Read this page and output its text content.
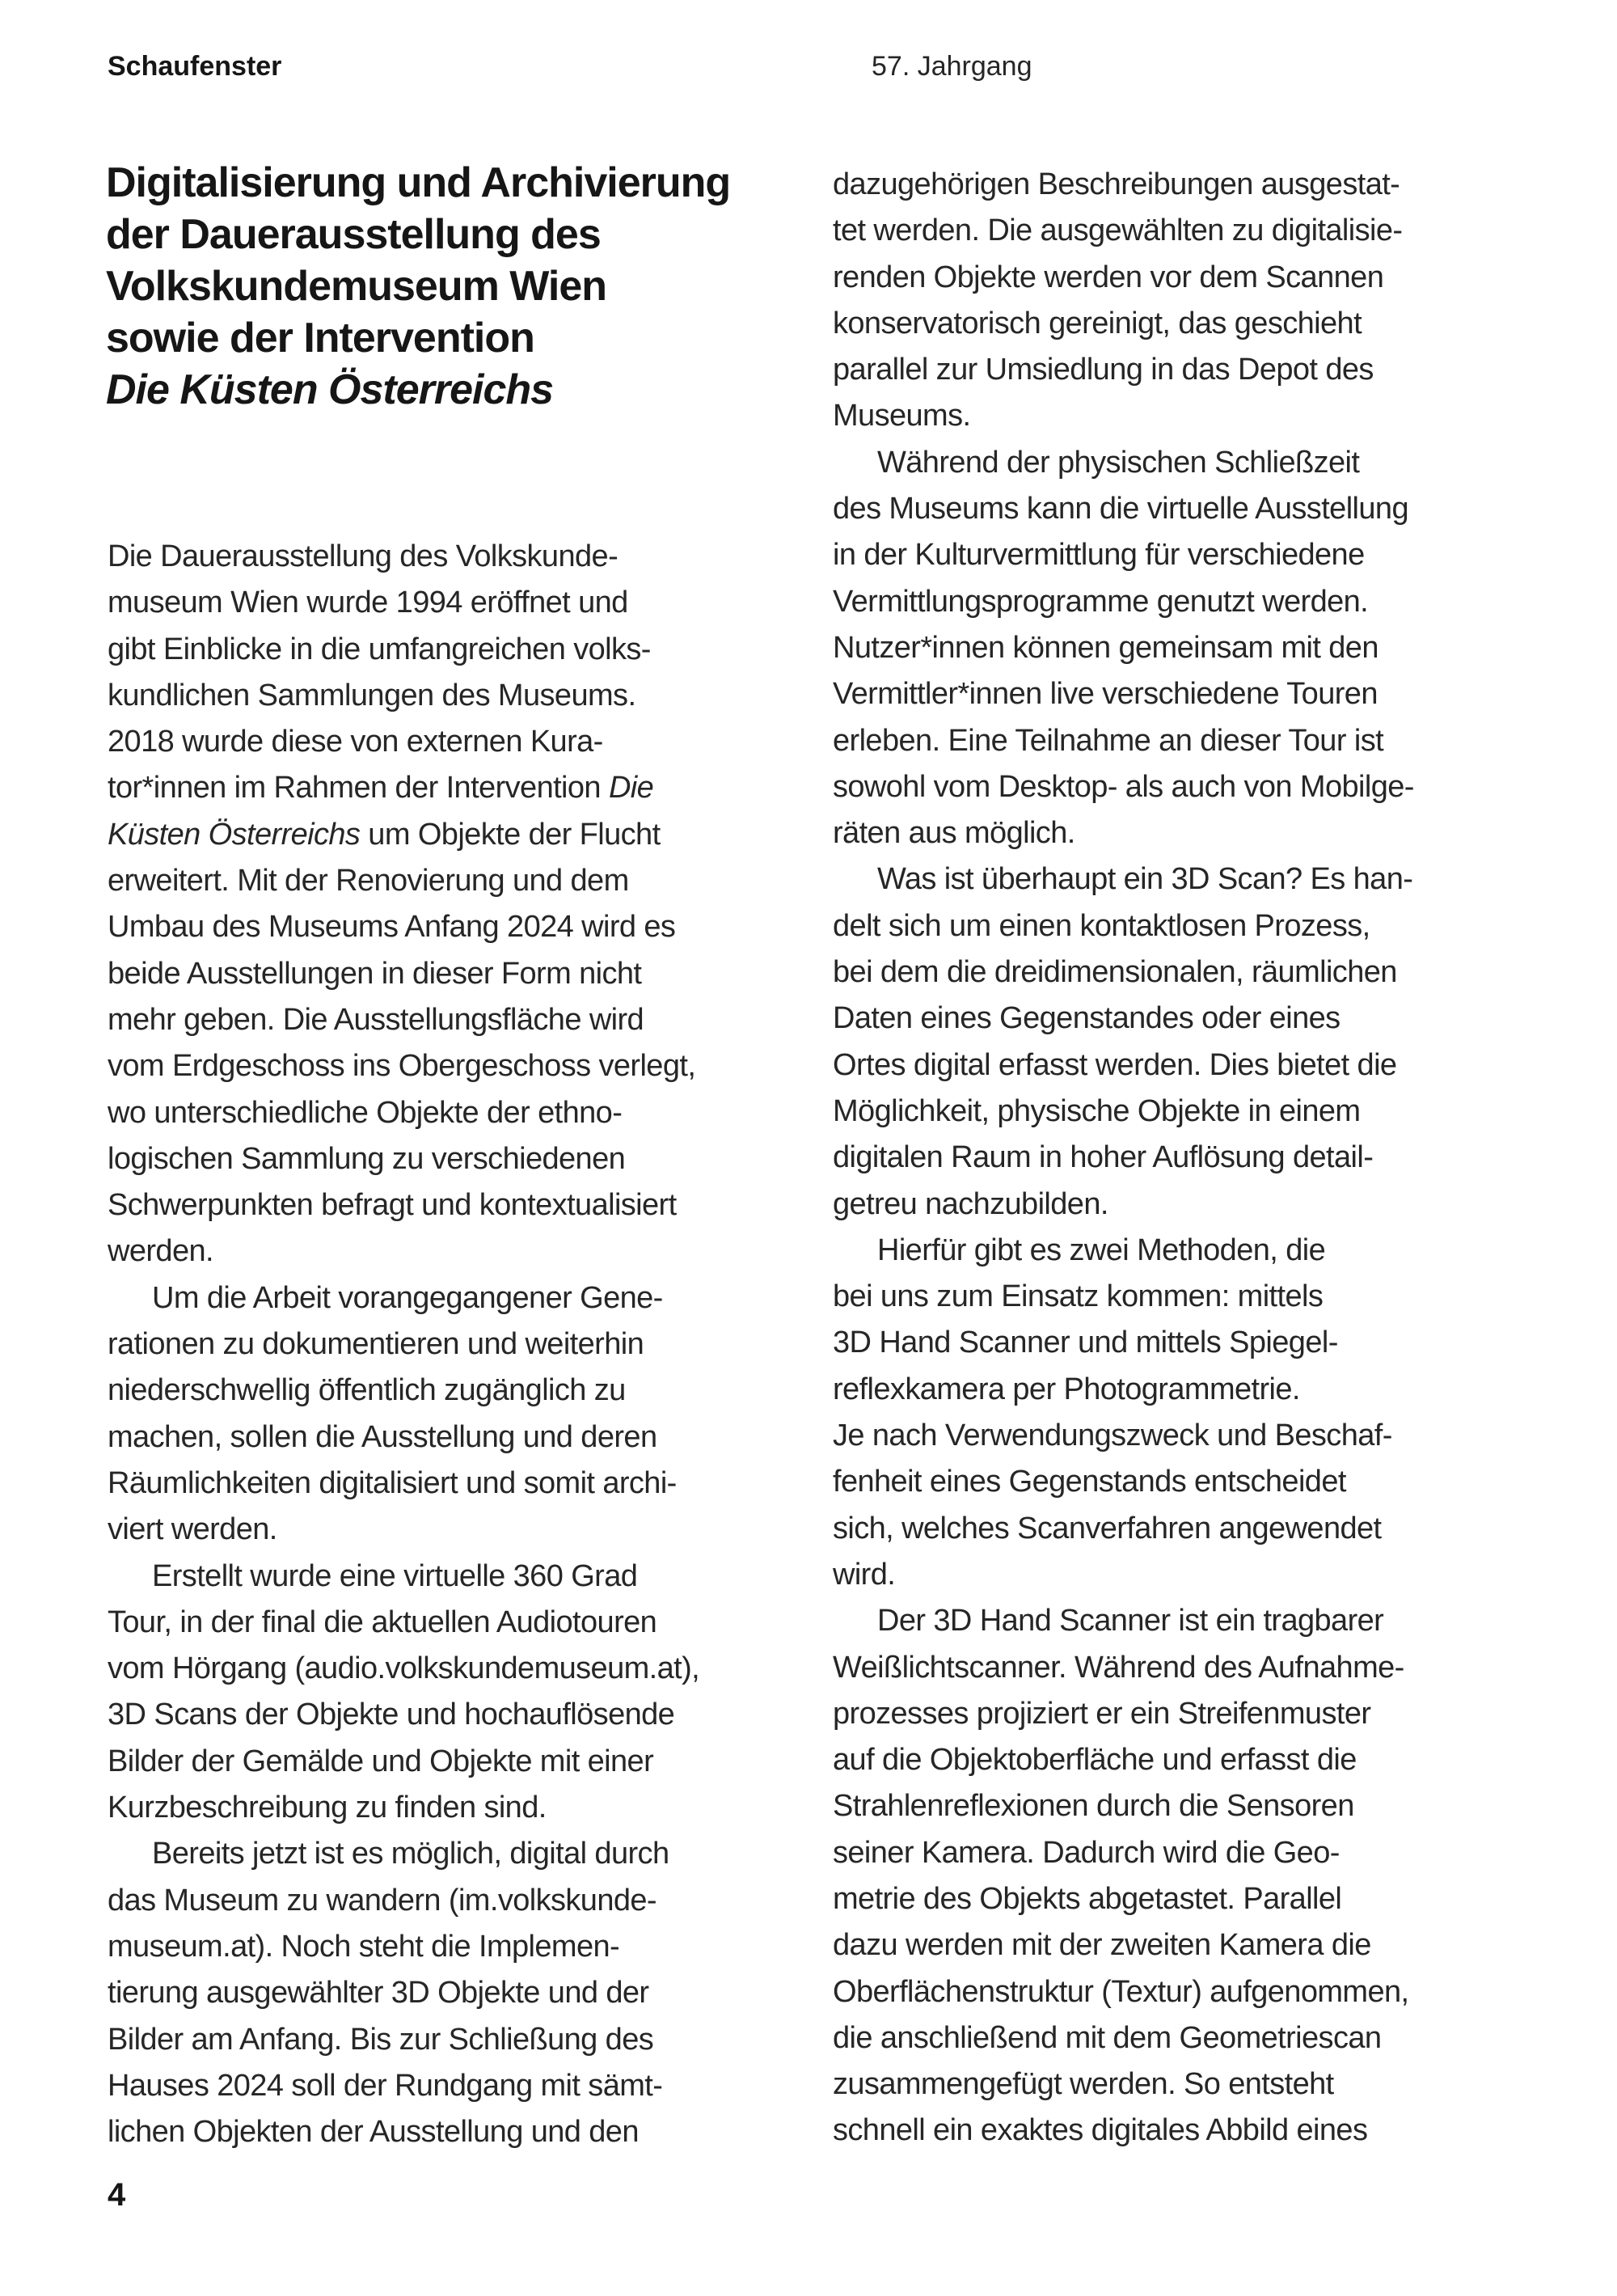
Schaufenster	57. Jahrgang
Digitalisierung und Archivierung
der Dauerausstellung des
Volkskundemuseum Wien
sowie der Intervention
Die Küsten Österreichs
Die Dauerausstellung des Volkskunde-
museum Wien wurde 1994 eröffnet und
gibt Einblicke in die umfangreichen volks-
kundlichen Sammlungen des Museums.
2018 wurde diese von externen Kura-
tor*innen im Rahmen der Intervention Die
Küsten Österreichs um Objekte der Flucht
erweitert. Mit der Renovierung und dem
Umbau des Museums Anfang 2024 wird es
beide Ausstellungen in dieser Form nicht
mehr geben. Die Ausstellungsfläche wird
vom Erdgeschoss ins Obergeschoss verlegt,
wo unterschiedliche Objekte der ethno-
logischen Sammlung zu verschiedenen
Schwerpunkten befragt und kontextualisiert
werden.
Um die Arbeit vorangegangener Gene-
rationen zu dokumentieren und weiterhin
niederschwellig öffentlich zugänglich zu
machen, sollen die Ausstellung und deren
Räumlichkeiten digitalisiert und somit archi-
viert werden.
Erstellt wurde eine virtuelle 360 Grad
Tour, in der final die aktuellen Audiotouren
vom Hörgang (audio.volkskundemuseum.at),
3D Scans der Objekte und hochauflösende
Bilder der Gemälde und Objekte mit einer
Kurzbeschreibung zu finden sind.
Bereits jetzt ist es möglich, digital durch
das Museum zu wandern (im.volkskunde-
museum.at). Noch steht die Implemen-
tierung ausgewählter 3D Objekte und der
Bilder am Anfang. Bis zur Schließung des
Hauses 2024 soll der Rundgang mit sämt-
lichen Objekten der Ausstellung und den
dazugehörigen Beschreibungen ausgestat-
tet werden. Die ausgewählten zu digitalisie-
renden Objekte werden vor dem Scannen
konservatorisch gereinigt, das geschieht
parallel zur Umsiedlung in das Depot des
Museums.
Während der physischen Schließzeit
des Museums kann die virtuelle Ausstellung
in der Kulturvermittlung für verschiedene
Vermittlungsprogramme genutzt werden.
Nutzer*innen können gemeinsam mit den
Vermittler*innen live verschiedene Touren
erleben. Eine Teilnahme an dieser Tour ist
sowohl vom Desktop- als auch von Mobilge-
räten aus möglich.
Was ist überhaupt ein 3D Scan? Es han-
delt sich um einen kontaktlosen Prozess,
bei dem die dreidimensionalen, räumlichen
Daten eines Gegenstandes oder eines
Ortes digital erfasst werden. Dies bietet die
Möglichkeit, physische Objekte in einem
digitalen Raum in hoher Auflösung detail-
getreu nachzubilden.
Hierfür gibt es zwei Methoden, die
bei uns zum Einsatz kommen: mittels
3D Hand Scanner und mittels Spiegel-
reflexkamera per Photogrammetrie.
Je nach Verwendungszweck und Beschaf-
fenheit eines Gegenstands entscheidet
sich, welches Scanverfahren angewendet
wird.
Der 3D Hand Scanner ist ein tragbarer
Weißlichtscanner. Während des Aufnahme-
prozesses projiziert er ein Streifenmuster
auf die Objektoberfläche und erfasst die
Strahlenreflexionen durch die Sensoren
seiner Kamera. Dadurch wird die Geo-
metrie des Objekts abgetastet. Parallel
dazu werden mit der zweiten Kamera die
Oberflächenstruktur (Textur) aufgenommen,
die anschließend mit dem Geometriescan
zusammengefügt werden. So entsteht
schnell ein exaktes digitales Abbild eines
4
